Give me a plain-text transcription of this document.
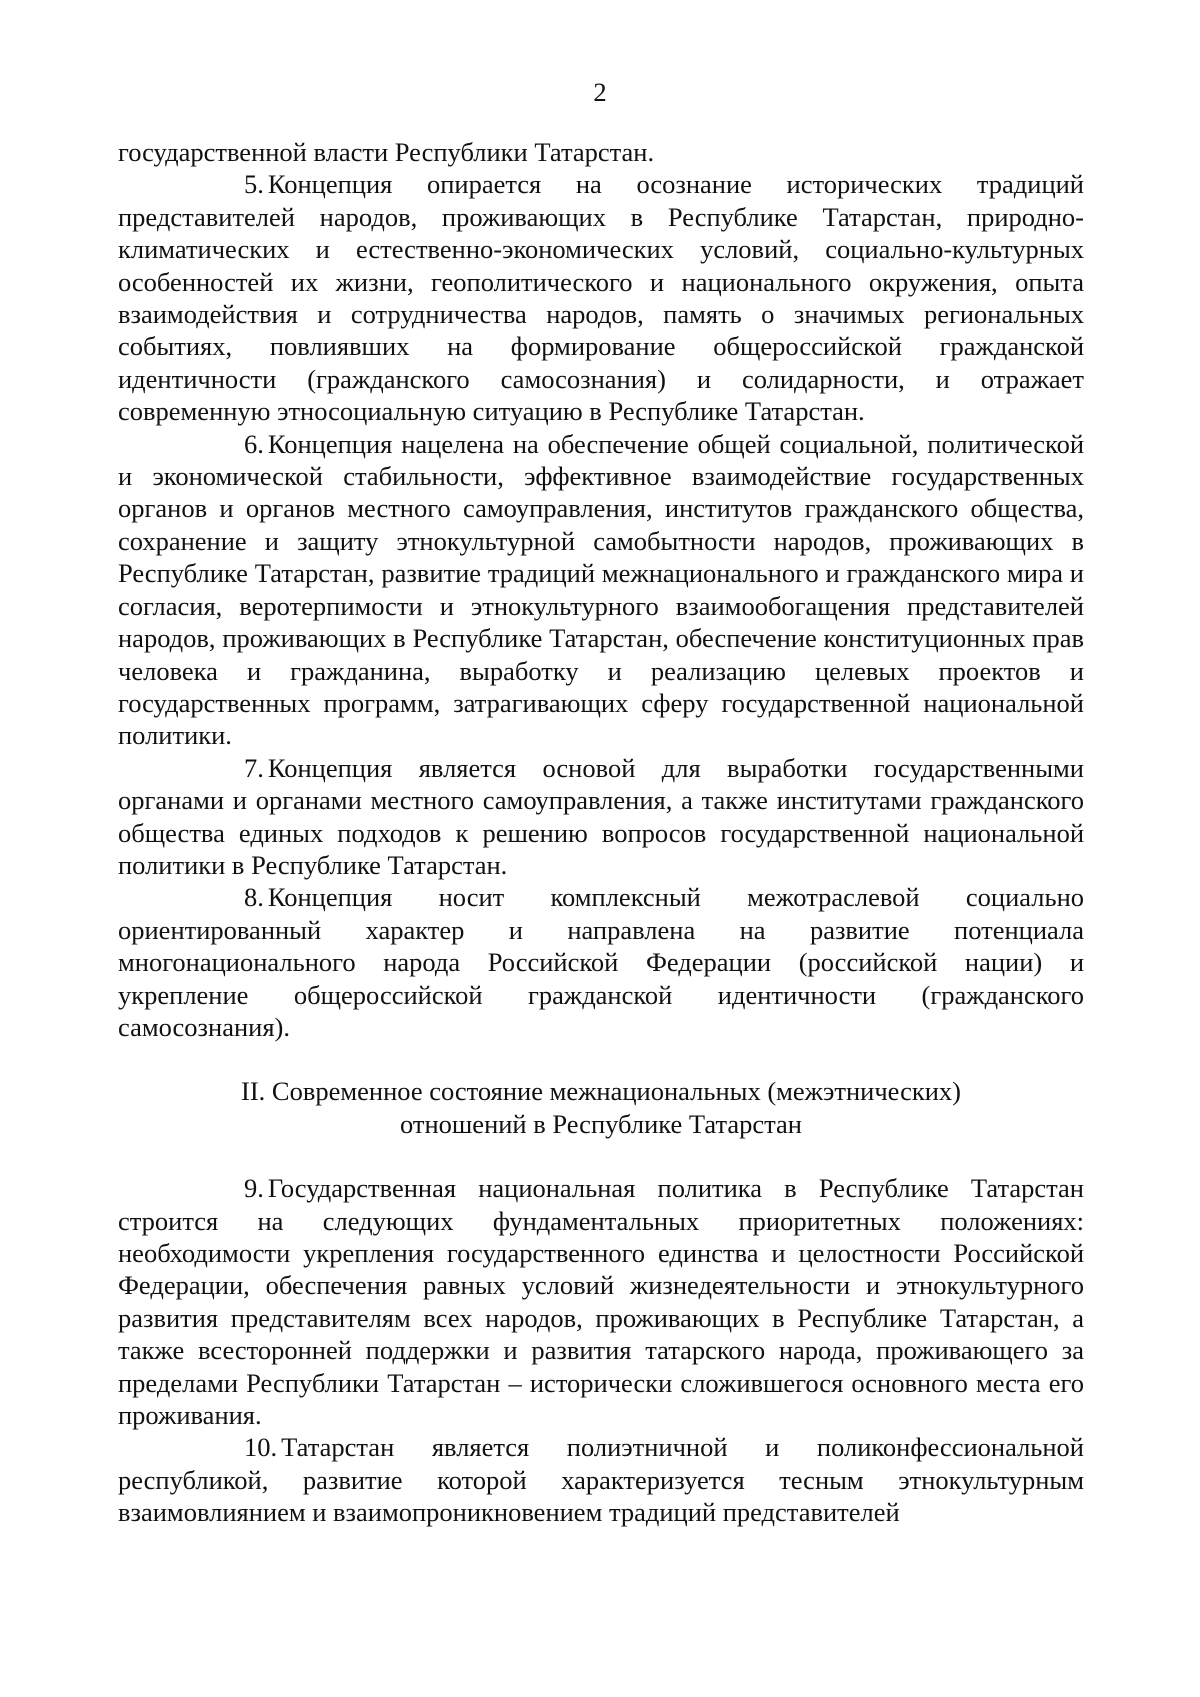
2

государственной власти Республики Татарстан.

5. Концепция опирается на осознание исторических традиций представителей народов, проживающих в Республике Татарстан, природно-климатических и естественно-экономических условий, социально-культурных особенностей их жизни, геополитического и национального окружения, опыта взаимодействия и сотрудничества народов, память о значимых региональных событиях, повлиявших на формирование общероссийской гражданской идентичности (гражданского самосознания) и солидарности, и отражает современную этносоциальную ситуацию в Республике Татарстан.

6. Концепция нацелена на обеспечение общей социальной, политической и экономической стабильности, эффективное взаимодействие государственных органов и органов местного самоуправления, институтов гражданского общества, сохранение и защиту этнокультурной самобытности народов, проживающих в Республике Татарстан, развитие традиций межнационального и гражданского мира и согласия, веротерпимости и этнокультурного взаимообогащения представителей народов, проживающих в Республике Татарстан, обеспечение конституционных прав человека и гражданина, выработку и реализацию целевых проектов и государственных программ, затрагивающих сферу государственной национальной политики.

7. Концепция является основой для выработки государственными органами и органами местного самоуправления, а также институтами гражданского общества единых подходов к решению вопросов государственной национальной политики в Республике Татарстан.

8. Концепция носит комплексный межотраслевой социально ориентированный характер и направлена на развитие потенциала многонационального народа Российской Федерации (российской нации) и укрепление общероссийской гражданской идентичности (гражданского самосознания).

II. Современное состояние межнациональных (межэтнических)
отношений в Республике Татарстан

9. Государственная национальная политика в Республике Татарстан строится на следующих фундаментальных приоритетных положениях: необходимости укрепления государственного единства и целостности Российской Федерации, обеспечения равных условий жизнедеятельности и этнокультурного развития представителям всех народов, проживающих в Республике Татарстан, а также всесторонней поддержки и развития татарского народа, проживающего за пределами Республики Татарстан – исторически сложившегося основного места его проживания.

10. Татарстан является полиэтничной и поликонфессиональной республикой, развитие которой характеризуется тесным этнокультурным взаимовлиянием и взаимопроникновением традиций представителей
